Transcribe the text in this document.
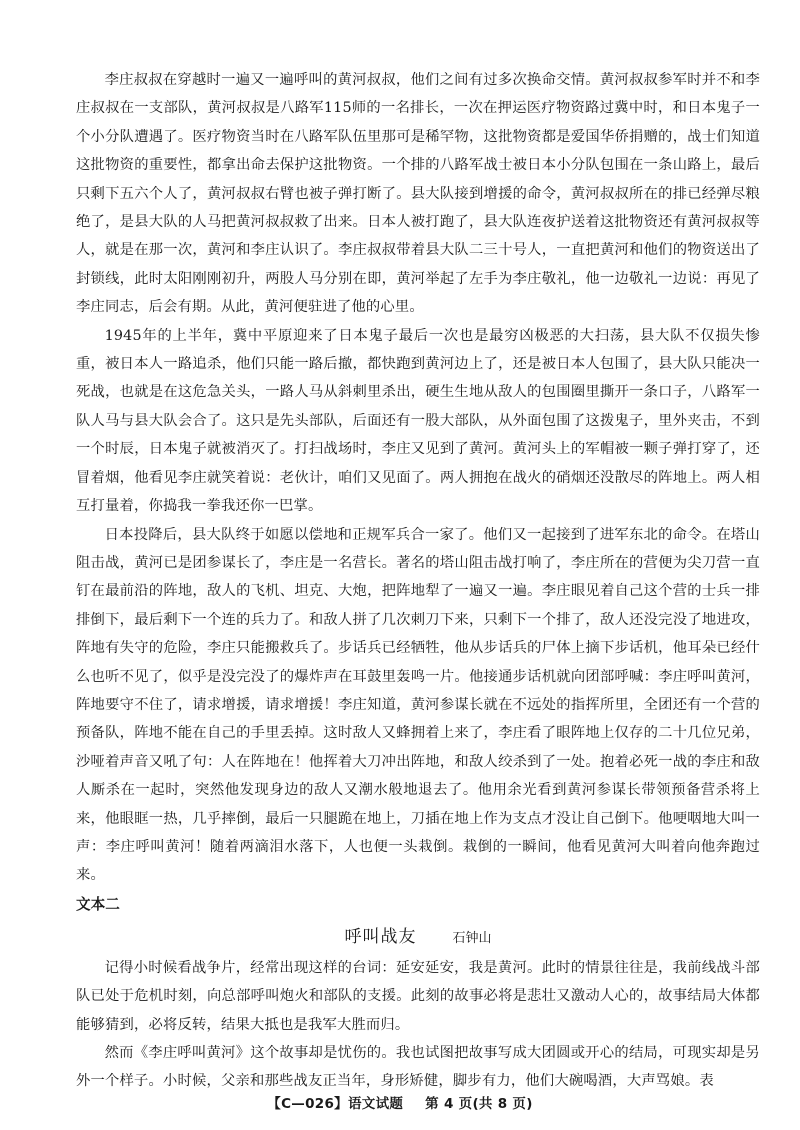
李庄叔叔在穿越时一遍又一遍呼叫的黄河叔叔，他们之间有过多次换命交情。黄河叔叔参军时并不和李庄叔叔在一支部队，黄河叔叔是八路军115师的一名排长，一次在押运医疗物资路过冀中时，和日本鬼子一个小分队遭遇了。医疗物资当时在八路军队伍里那可是稀罕物，这批物资都是爱国华侨捐赠的，战士们知道这批物资的重要性，都拿出命去保护这批物资。一个排的八路军战士被日本小分队包围在一条山路上，最后只剩下五六个人了，黄河叔叔右臂也被子弹打断了。县大队接到增援的命令，黄河叔叔所在的排已经弹尽粮绝了，是县大队的人马把黄河叔叔救了出来。日本人被打跑了，县大队连夜护送着这批物资还有黄河叔叔等人，就是在那一次，黄河和李庄认识了。李庄叔叔带着县大队二三十号人，一直把黄河和他们的物资送出了封锁线，此时太阳刚刚初升，两股人马分别在即，黄河举起了左手为李庄敬礼，他一边敬礼一边说：再见了李庄同志，后会有期。从此，黄河便驻进了他的心里。

1945年的上半年，冀中平原迎来了日本鬼子最后一次也是最穷凶极恶的大扫荡，县大队不仅损失惨重，被日本人一路追杀，他们只能一路后撤，都快跑到黄河边上了，还是被日本人包围了，县大队只能决一死战，也就是在这危急关头，一路人马从斜刺里杀出，硬生生地从敌人的包围圈里撕开一条口子，八路军一队人马与县大队会合了。这只是先头部队，后面还有一股大部队，从外面包围了这拨鬼子，里外夹击，不到一个时辰，日本鬼子就被消灭了。打扫战场时，李庄又见到了黄河。黄河头上的军帽被一颗子弹打穿了，还冒着烟，他看见李庄就笑着说：老伙计，咱们又见面了。两人拥抱在战火的硝烟还没散尽的阵地上。两人相互打量着，你捣我一拳我还你一巴掌。

日本投降后，县大队终于如愿以偿地和正规军兵合一家了。他们又一起接到了进军东北的命令。在塔山阻击战，黄河已是团参谋长了，李庄是一名营长。著名的塔山阻击战打响了，李庄所在的营便为尖刀营一直钉在最前沿的阵地，敌人的飞机、坦克、大炮，把阵地犁了一遍又一遍。李庄眼见着自己这个营的士兵一排排倒下，最后剩下一个连的兵力了。和敌人拼了几次刺刀下来，只剩下一个排了，敌人还没完没了地进攻，阵地有失守的危险，李庄只能搬救兵了。步话兵已经牺牲，他从步话兵的尸体上摘下步话机，他耳朵已经什么也听不见了，似乎是没完没了的爆炸声在耳鼓里轰鸣一片。他接通步话机就向团部呼喊：李庄呼叫黄河，阵地要守不住了，请求增援，请求增援！李庄知道，黄河参谋长就在不远处的指挥所里，全团还有一个营的预备队，阵地不能在自己的手里丢掉。这时敌人又蜂拥着上来了，李庄看了眼阵地上仅存的二十几位兄弟，沙哑着声音又吼了句：人在阵地在！他挥着大刀冲出阵地，和敌人绞杀到了一处。抱着必死一战的李庄和敌人厮杀在一起时，突然他发现身边的敌人又潮水般地退去了。他用余光看到黄河参谋长带领预备营杀将上来，他眼眶一热，几乎摔倒，最后一只腿跪在地上，刀插在地上作为支点才没让自己倒下。他哽咽地大叫一声：李庄呼叫黄河！随着两滴泪水落下，人也便一头栽倒。栽倒的一瞬间，他看见黄河大叫着向他奔跑过来。

文本二

呼叫战友	石钟山

记得小时候看战争片，经常出现这样的台词：延安延安，我是黄河。此时的情景往往是，我前线战斗部队已处于危机时刻，向总部呼叫炮火和部队的支援。此刻的故事必将是悲壮又激动人心的，故事结局大体都能够猜到，必将反转，结果大抵也是我军大胜而归。

然而《李庄呼叫黄河》这个故事却是忧伤的。我也试图把故事写成大团圆或开心的结局，可现实却是另外一个样子。小时候，父亲和那些战友正当年，身形矫健，脚步有力，他们大碗喝酒，大声骂娘。表

【C—026】语文试题 第 4 页(共 8 页)
